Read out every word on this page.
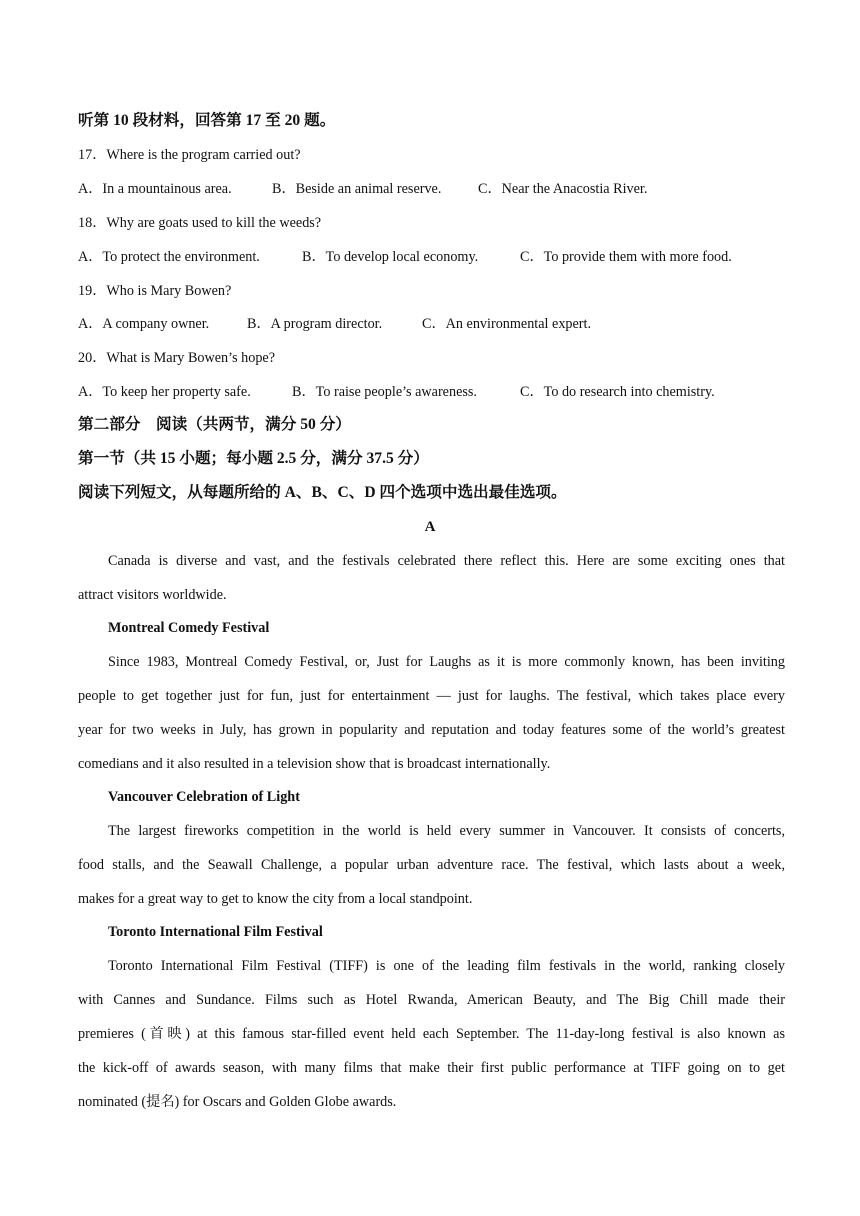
听第 10 段材料，回答第 17 至 20 题。
17．Where is the program carried out?
A．In a mountainous area.	B．Beside an animal reserve.	C．Near the Anacostia River.
18．Why are goats used to kill the weeds?
A．To protect the environment.	B．To develop local economy.	C．To provide them with more food.
19．Who is Mary Bowen?
A．A company owner.	B．A program director.	C．An environmental expert.
20．What is Mary Bowen’s hope?
A．To keep her property safe.	B．To raise people’s awareness.	C．To do research into chemistry.
第二部分　阅读（共两节，满分 50 分）
第一节（共 15 小题；每小题 2.5 分，满分 37.5 分）
阅读下列短文，从每题所给的 A、B、C、D 四个选项中选出最佳选项。
A
Canada is diverse and vast, and the festivals celebrated there reflect this. Here are some exciting ones that
attract visitors worldwide.
Montreal Comedy Festival
Since 1983, Montreal Comedy Festival, or, Just for Laughs as it is more commonly known, has been inviting
people to get together just for fun, just for entertainment — just for laughs. The festival, which takes place every
year for two weeks in July, has grown in popularity and reputation and today features some of the world’s greatest
comedians and it also resulted in a television show that is broadcast internationally.
Vancouver Celebration of Light
The largest fireworks competition in the world is held every summer in Vancouver. It consists of concerts,
food stalls, and the Seawall Challenge, a popular urban adventure race. The festival, which lasts about a week,
makes for a great way to get to know the city from a local standpoint.
Toronto International Film Festival
Toronto International Film Festival (TIFF) is one of the leading film festivals in the world, ranking closely
with Cannes and Sundance. Films such as Hotel Rwanda, American Beauty, and The Big Chill made their
premieres (首映) at this famous star-filled event held each September. The 11-day-long festival is also known as
the kick-off of awards season, with many films that make their first public performance at TIFF going on to get
nominated (提名) for Oscars and Golden Globe awards.
